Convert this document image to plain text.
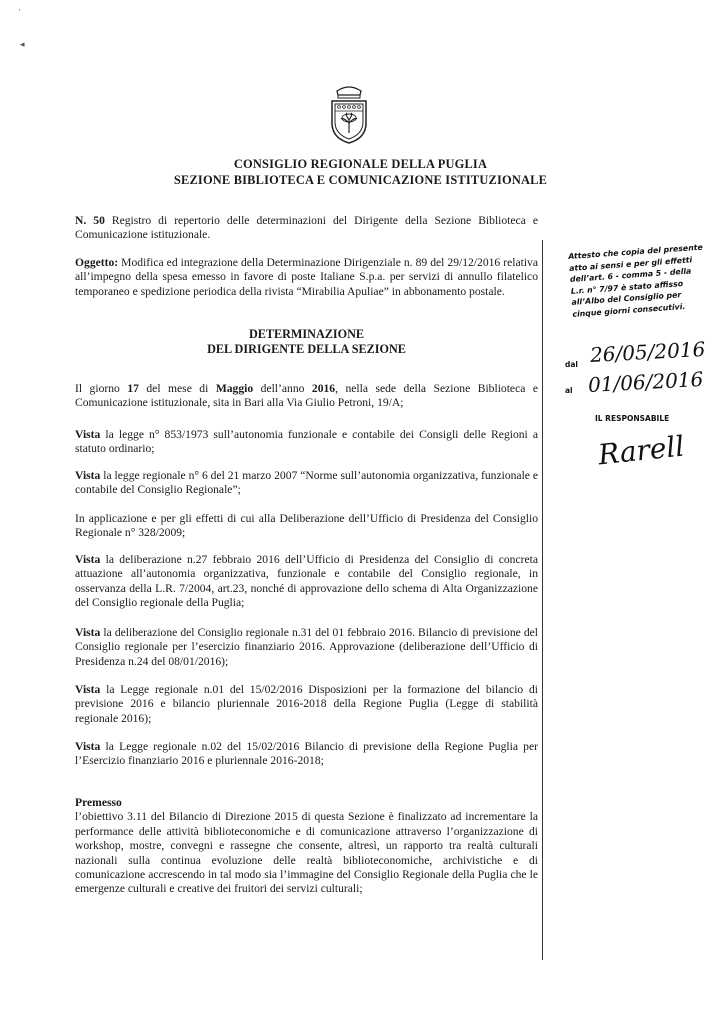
·
◂
CONSIGLIO REGIONALE DELLA PUGLIA
SEZIONE BIBLIOTECA E COMUNICAZIONE ISTITUZIONALE

N. 50 Registro di repertorio delle determinazioni del Dirigente della Sezione Biblioteca e Comunicazione istituzionale.

Oggetto: Modifica ed integrazione della Determinazione Dirigenziale n. 89 del 29/12/2016 relativa all’impegno della spesa emesso in favore di poste Italiane S.p.a. per servizi di annullo filatelico temporaneo e spedizione periodica della rivista “Mirabilia Apuliae” in abbonamento postale.

DETERMINAZIONE
DEL DIRIGENTE DELLA SEZIONE

Il giorno 17 del mese di Maggio dell’anno 2016, nella sede della Sezione Biblioteca e Comunicazione istituzionale, sita in Bari alla Via Giulio Petroni, 19/A;

Vista la legge n° 853/1973 sull’autonomia funzionale e contabile dei Consigli delle Regioni a statuto ordinario;

Vista la legge regionale n° 6 del 21 marzo 2007 “Norme sull’autonomia organizzativa, funzionale e contabile del Consiglio Regionale”;

In applicazione e per gli effetti di cui alla Deliberazione dell’Ufficio di Presidenza del Consiglio Regionale n° 328/2009;

Vista la deliberazione n.27 febbraio 2016 dell’Ufficio di Presidenza del Consiglio di concreta attuazione all’autonomia organizzativa, funzionale e contabile del Consiglio regionale, in osservanza della L.R. 7/2004, art.23, nonché di approvazione dello schema di Alta Organizzazione del Consiglio regionale della Puglia;

Vista la deliberazione del Consiglio regionale n.31 del 01 febbraio 2016. Bilancio di previsione del Consiglio regionale per l’esercizio finanziario 2016. Approvazione (deliberazione dell’Ufficio di Presidenza n.24 del 08/01/2016);

Vista la Legge regionale n.01 del 15/02/2016 Disposizioni per la formazione del bilancio di previsione 2016 e bilancio pluriennale 2016-2018 della Regione Puglia (Legge di stabilità regionale 2016);

Vista la Legge regionale n.02 del 15/02/2016 Bilancio di previsione della Regione Puglia per l’Esercizio finanziario 2016 e pluriennale 2016-2018;

Premesso

l’obiettivo 3.11 del Bilancio di Direzione 2015 di questa Sezione è finalizzato ad incrementare la performance delle attività biblioteconomiche e di comunicazione attraverso l’organizzazione di workshop, mostre, convegni e rassegne che consente, altresì, un rapporto tra realtà culturali nazionali sulla continua evoluzione delle realtà biblioteconomiche, archivistiche e di comunicazione accrescendo in tal modo sia l’immagine del Consiglio Regionale della Puglia che le emergenze culturali e creative dei fruitori dei servizi culturali;

Attesto che copia del presente atto ai sensi e per gli effetti dell’art. 6 - comma 5 - della L.r. n° 7/97 è stato affisso all’Albo del Consiglio per cinque giorni consecutivi.
dal 26/05/2016
al 01/06/2016
IL RESPONSABILE
Rarell
